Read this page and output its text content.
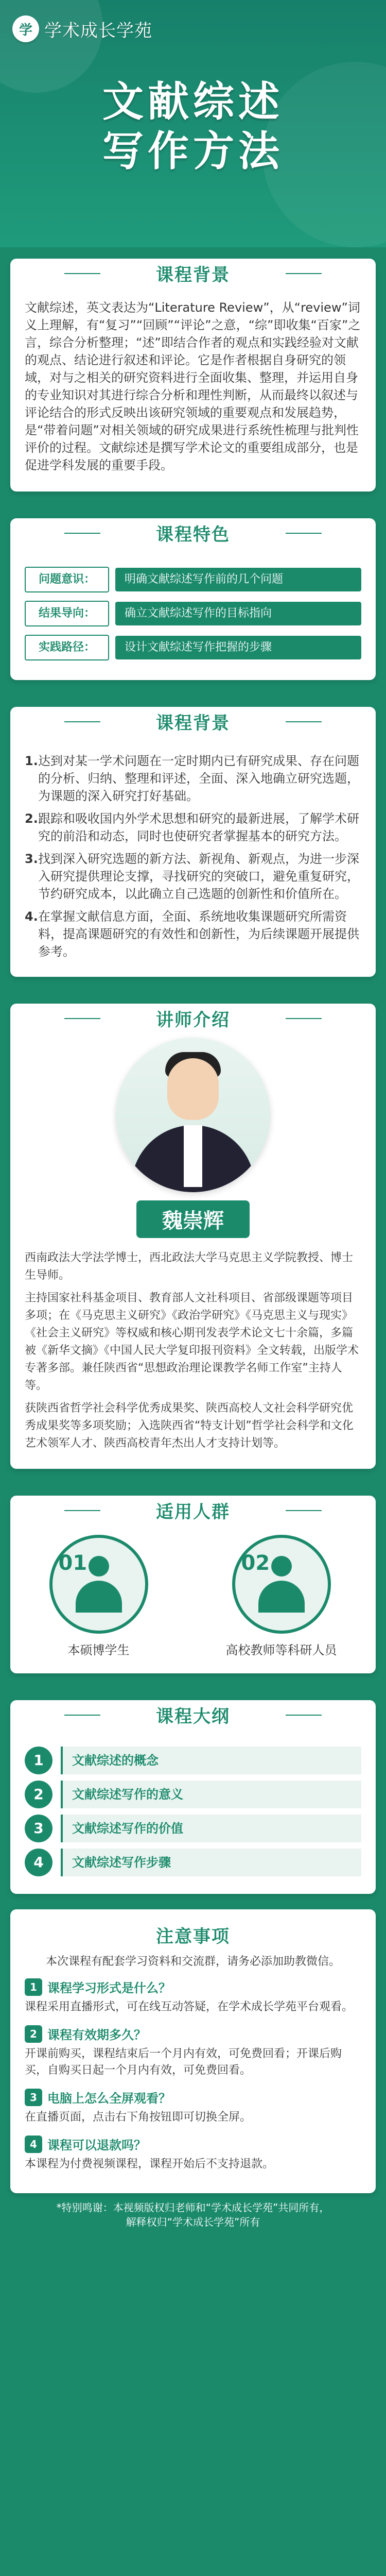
学 学术成长学苑
文献综述
写作方法
课程背景

文献综述，英文表达为“Literature Review”，从“review”词义上理解，有“复习”“回顾”“评论”之意，“综”即收集“百家”之言，综合分析整理；“述”即结合作者的观点和实践经验对文献的观点、结论进行叙述和评论。它是作者根据自身研究的领域，对与之相关的研究资料进行全面收集、整理，并运用自身的专业知识对其进行综合分析和理性判断，从而最终以叙述与评论结合的形式反映出该研究领域的重要观点和发展趋势，是“带着问题”对相关领域的研究成果进行系统性梳理与批判性评价的过程。文献综述是撰写学术论文的重要组成部分，也是促进学科发展的重要手段。

课程特色
问题意识：	明确文献综述写作前的几个问题
结果导向：	确立文献综述写作的目标指向
实践路径：	设计文献综述写作把握的步骤
课程背景
1. 达到对某一学术问题在一定时期内已有研究成果、存在问题的分析、归纳、整理和评述，全面、深入地确立研究选题，为课题的深入研究打好基础。
2. 跟踪和吸收国内外学术思想和研究的最新进展，了解学术研究的前沿和动态，同时也使研究者掌握基本的研究方法。
3. 找到深入研究选题的新方法、新视角、新观点，为进一步深入研究提供理论支撑，寻找研究的突破口，避免重复研究，节约研究成本，以此确立自己选题的创新性和价值所在。
4. 在掌握文献信息方面，全面、系统地收集课题研究所需资料，提高课题研究的有效性和创新性，为后续课题开展提供参考。
讲师介绍
魏崇辉

西南政法大学法学博士，西北政法大学马克思主义学院教授、博士生导师。

主持国家社科基金项目、教育部人文社科项目、省部级课题等项目多项；在《马克思主义研究》《政治学研究》《马克思主义与现实》《社会主义研究》等权威和核心期刊发表学术论文七十余篇，多篇被《新华文摘》《中国人民大学复印报刊资料》全文转载，出版学术专著多部。兼任陕西省“思想政治理论课教学名师工作室”主持人等。

获陕西省哲学社会科学优秀成果奖、陕西高校人文社会科学研究优秀成果奖等多项奖励；入选陕西省“特支计划”哲学社会科学和文化艺术领军人才、陕西高校青年杰出人才支持计划等。

适用人群
01
本硕博学生
02
高校教师等科研人员
课程大纲
1	文献综述的概念
2	文献综述写作的意义
3	文献综述写作的价值
4	文献综述写作步骤
注意事项
本次课程有配套学习资料和交流群，请务必添加助教微信。
1 课程学习形式是什么？
课程采用直播形式，可在线互动答疑，在学术成长学苑平台观看。
2 课程有效期多久？
开课前购买，课程结束后一个月内有效，可免费回看；开课后购买，自购买日起一个月内有效，可免费回看。
3 电脑上怎么全屏观看？
在直播页面，点击右下角按钮即可切换全屏。
4 课程可以退款吗？
本课程为付费视频课程，课程开始后不支持退款。
*特别鸣谢：本视频版权归老师和“学术成长学苑”共同所有，
解释权归“学术成长学苑”所有
